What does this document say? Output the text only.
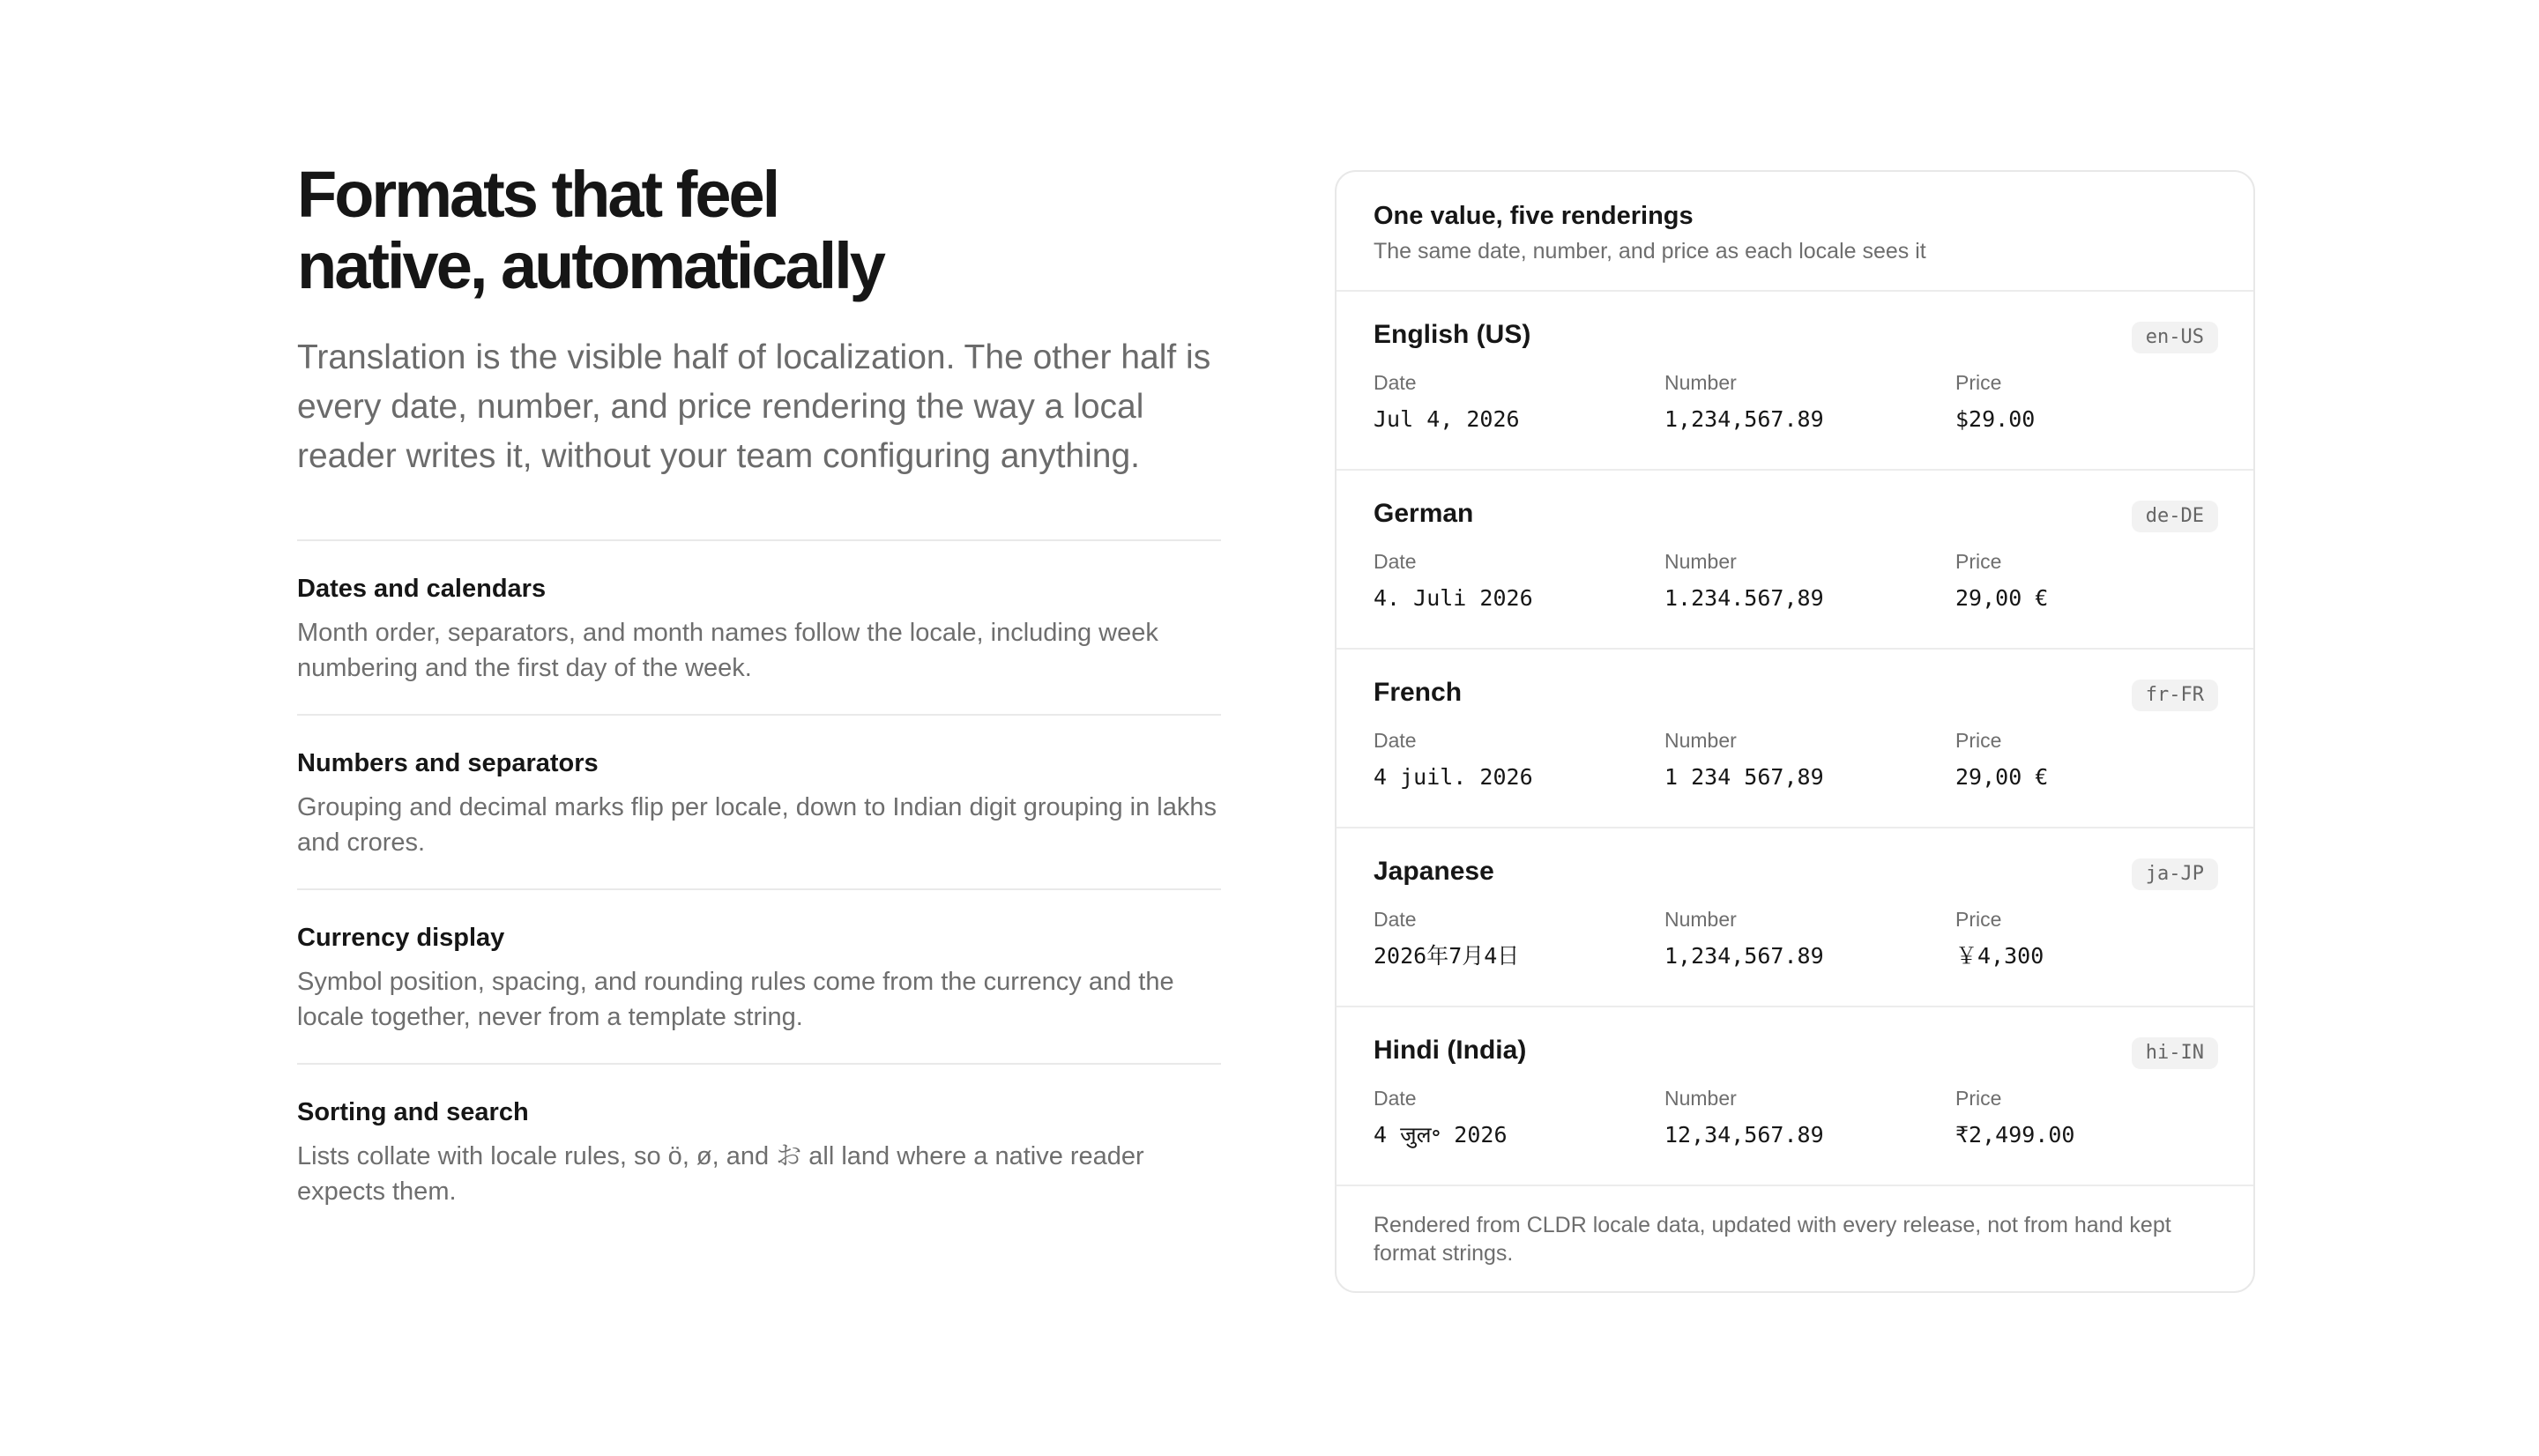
Formats that feel
native, automatically

Translation is the visible half of localization. The other half is every date, number, and price rendering the way a local reader writes it, without your team configuring anything.

Dates and calendars
Month order, separators, and month names follow the locale, including week numbering and the first day of the week.
Numbers and separators
Grouping and decimal marks flip per locale, down to Indian digit grouping in lakhs and crores.
Currency display
Symbol position, spacing, and rounding rules come from the currency and the locale together, never from a template string.
Sorting and search
Lists collate with locale rules, so ö, ø, and お all land where a native reader expects them.
One value, five renderings
The same date, number, and price as each locale sees it
English (US)	en-US
Date
Jul 4, 2026
Number
1,234,567.89
Price
$29.00
German	de-DE
Date
4. Juli 2026
Number
1.234.567,89
Price
29,00 €
French	fr-FR
Date
4 juil. 2026
Number
1 234 567,89
Price
29,00 €
Japanese	ja-JP
Date
2026年7月4日
Number
1,234,567.89
Price
￥4,300
Hindi (India)	hi-IN
Date
4 जुल॰ 2026
Number
12,34,567.89
Price
₹2,499.00
Rendered from CLDR locale data, updated with every release, not from hand kept format strings.
